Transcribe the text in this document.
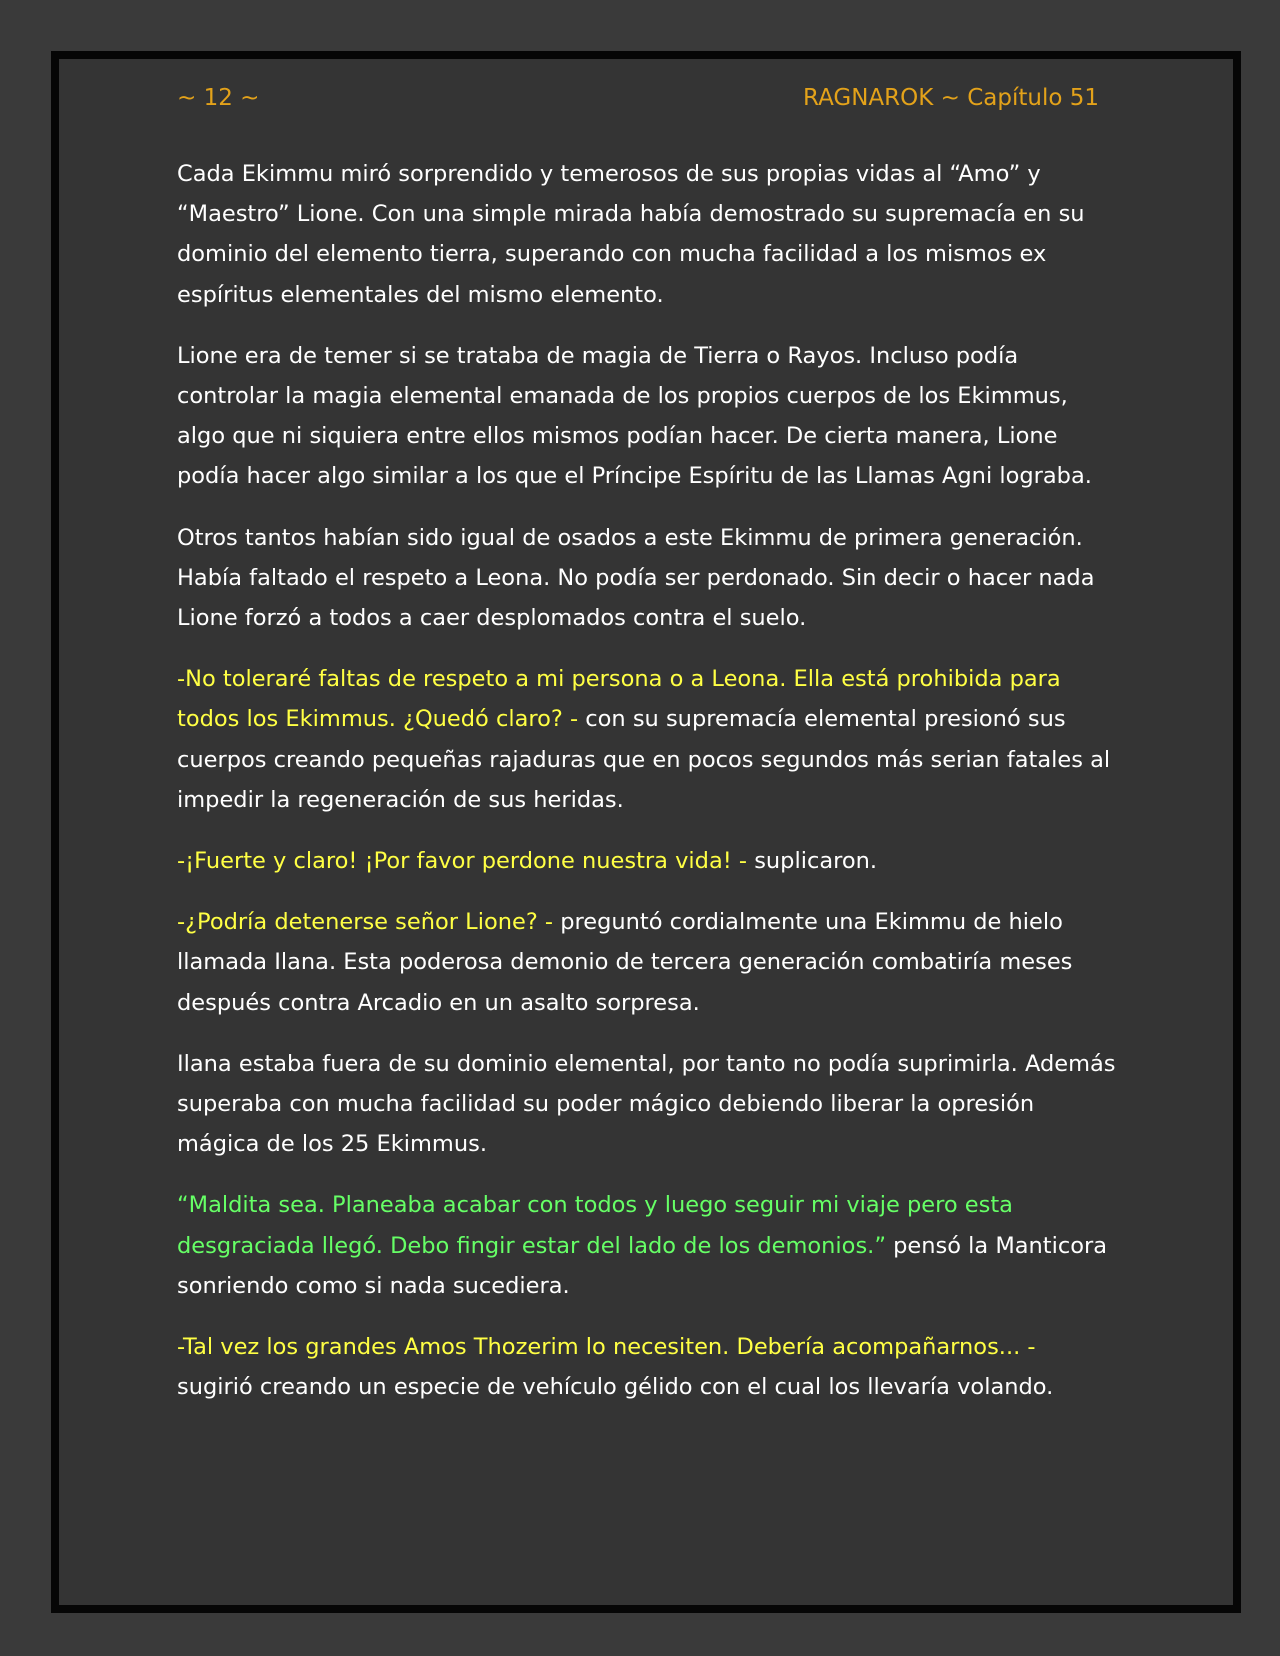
~ 12 ~	RAGNAROK ~ Capítulo 51

Cada Ekimmu miró sorprendido y temerosos de sus propias vidas al “Amo” y “Maestro” Lione. Con una simple mirada había demostrado su supremacía en su dominio del elemento tierra, superando con mucha facilidad a los mismos ex espíritus elementales del mismo elemento.

Lione era de temer si se trataba de magia de Tierra o Rayos. Incluso podía controlar la magia elemental emanada de los propios cuerpos de los Ekimmus, algo que ni siquiera entre ellos mismos podían hacer. De cierta manera, Lione podía hacer algo similar a los que el Príncipe Espíritu de las Llamas Agni lograba.

Otros tantos habían sido igual de osados a este Ekimmu de primera generación. Había faltado el respeto a Leona. No podía ser perdonado. Sin decir o hacer nada Lione forzó a todos a caer desplomados contra el suelo.

-No toleraré faltas de respeto a mi persona o a Leona. Ella está prohibida para todos los Ekimmus. ¿Quedó claro? - con su supremacía elemental presionó sus cuerpos creando pequeñas rajaduras que en pocos segundos más serian fatales al impedir la regeneración de sus heridas.

-¡Fuerte y claro! ¡Por favor perdone nuestra vida! - suplicaron.

-¿Podría detenerse señor Lione? - preguntó cordialmente una Ekimmu de hielo llamada Ilana. Esta poderosa demonio de tercera generación combatiría meses después contra Arcadio en un asalto sorpresa.

Ilana estaba fuera de su dominio elemental, por tanto no podía suprimirla. Además superaba con mucha facilidad su poder mágico debiendo liberar la opresión mágica de los 25 Ekimmus.

“Maldita sea. Planeaba acabar con todos y luego seguir mi viaje pero esta desgraciada llegó. Debo fingir estar del lado de los demonios.” pensó la Manticora sonriendo como si nada sucediera.

-Tal vez los grandes Amos Thozerim lo necesiten. Debería acompañarnos... - sugirió creando un especie de vehículo gélido con el cual los llevaría volando.
